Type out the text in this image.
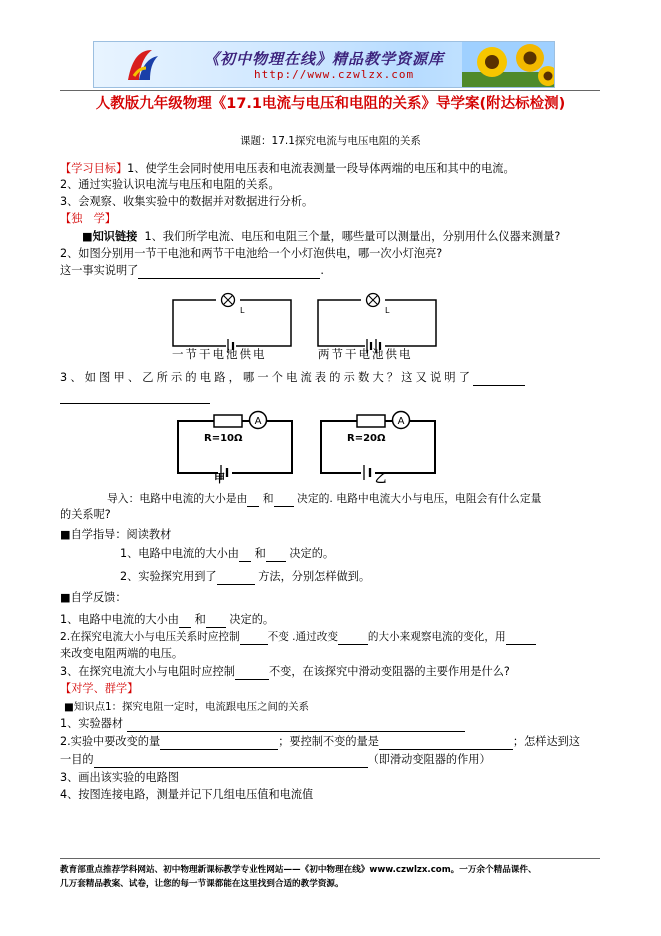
《初中物理在线》精品教学资源库
http://www.czwlzx.com
人教版九年级物理《17.1电流与电压和电阻的关系》导学案(附达标检测)
课题：17.1探究电流与电压电阻的关系
【学习目标】1、使学生会同时使用电压表和电流表测量一段导体两端的电压和其中的电流。
2、通过实验认识电流与电压和电阻的关系。
3、会观察、收集实验中的数据并对数据进行分析。
【独　学】
■知识链接 1、我们所学电流、电压和电阻三个量，哪些量可以测量出，分别用什么仪器来测量?
2、如图分别用一节干电池和两节干电池给一个小灯泡供电，哪一次小灯泡亮?
这一事实说明了	.
L
一节干电池供电
L
两节干电池供电
3、如图甲、乙所示的电路，哪一个电流表的示数大？这又说明了
A
R=10Ω
甲
A
R=20Ω
乙
导入：电路中电流的大小是由 和 决定的. 电路中电流大小与电压，电阻会有什么定量
的关系呢?
■自学指导：阅读教材
1、电路中电流的大小由 和 决定的。
2、实验探究用到了	方法，分别怎样做到。
■自学反馈：
1、电路中电流的大小由 和 决定的。
2.在探究电流大小与电压关系时应控制	不变 .通过改变	的大小来观察电流的变化，用
来改变电阻两端的电压。
3、在探究电流大小与电阻时应控制	不变，在该探究中滑动变阻器的主要作用是什么?
【对学、群学】
■知识点1：探究电阻一定时，电流跟电压之间的关系
1、实验器材
2.实验中要改变的量	；要控制不变的量是	；怎样达到这
一目的	（即滑动变阻器的作用）
3、画出该实验的电路图
4、按图连接电路，测量并记下几组电压值和电流值
教育部重点推荐学科网站、初中物理新课标教学专业性网站——《初中物理在线》www.czwlzx.com。一万余个精品课件、
几万套精品教案、试卷，让您的每一节课都能在这里找到合适的教学资源。
